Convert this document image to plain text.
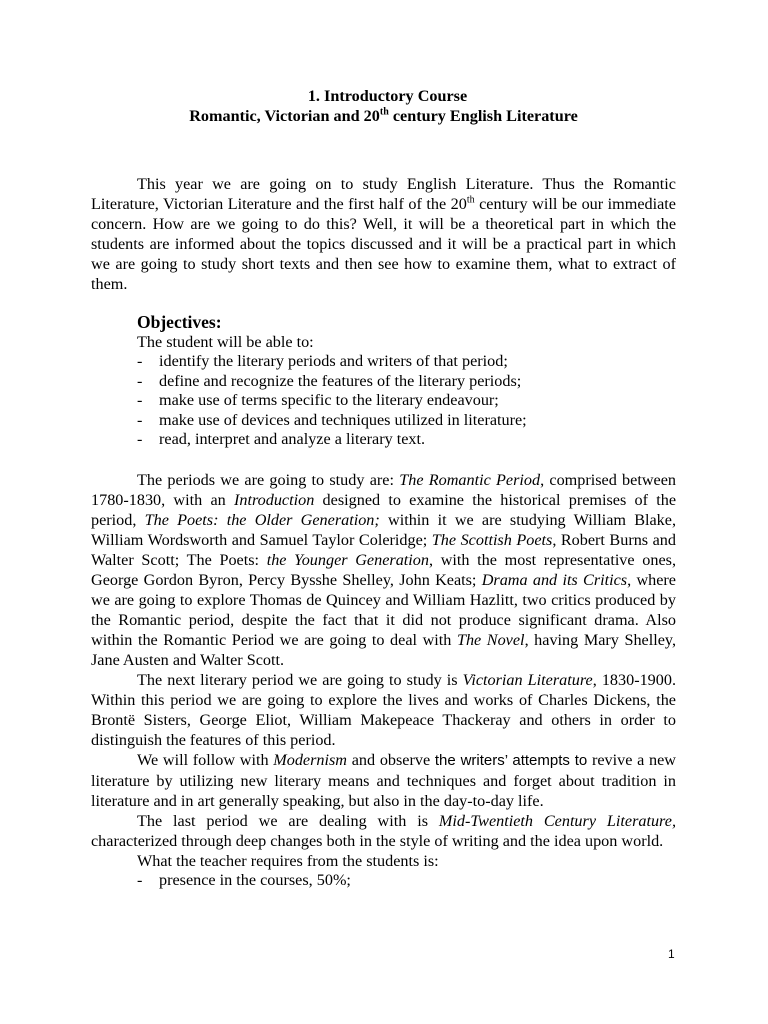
1. Introductory Course
Romantic, Victorian and 20th century English Literature

This year we are going on to study English Literature. Thus the Romantic Literature, Victorian Literature and the first half of the 20th century will be our immediate concern. How are we going to do this? Well, it will be a theoretical part in which the students are informed about the topics discussed and it will be a practical part in which we are going to study short texts and then see how to examine them, what to extract of them.

Objectives:
The student will be able to:
- identify the literary periods and writers of that period;
- define and recognize the features of the literary periods;
- make use of terms specific to the literary endeavour;
- make use of devices and techniques utilized in literature;
- read, interpret and analyze a literary text.

The periods we are going to study are: The Romantic Period, comprised between 1780-1830, with an Introduction designed to examine the historical premises of the period, The Poets: the Older Generation; within it we are studying William Blake, William Wordsworth and Samuel Taylor Coleridge; The Scottish Poets, Robert Burns and Walter Scott; The Poets: the Younger Generation, with the most representative ones, George Gordon Byron, Percy Bysshe Shelley, John Keats; Drama and its Critics, where we are going to explore Thomas de Quincey and William Hazlitt, two critics produced by the Romantic period, despite the fact that it did not produce significant drama. Also within the Romantic Period we are going to deal with The Novel, having Mary Shelley, Jane Austen and Walter Scott.

The next literary period we are going to study is Victorian Literature, 1830-1900. Within this period we are going to explore the lives and works of Charles Dickens, the Brontë Sisters, George Eliot, William Makepeace Thackeray and others in order to distinguish the features of this period.

We will follow with Modernism and observe the writers’ attempts to revive a new literature by utilizing new literary means and techniques and forget about tradition in literature and in art generally speaking, but also in the day-to-day life.

The last period we are dealing with is Mid-Twentieth Century Literature, characterized through deep changes both in the style of writing and the idea upon world.

What the teacher requires from the students is:
- presence in the courses, 50%;
1
